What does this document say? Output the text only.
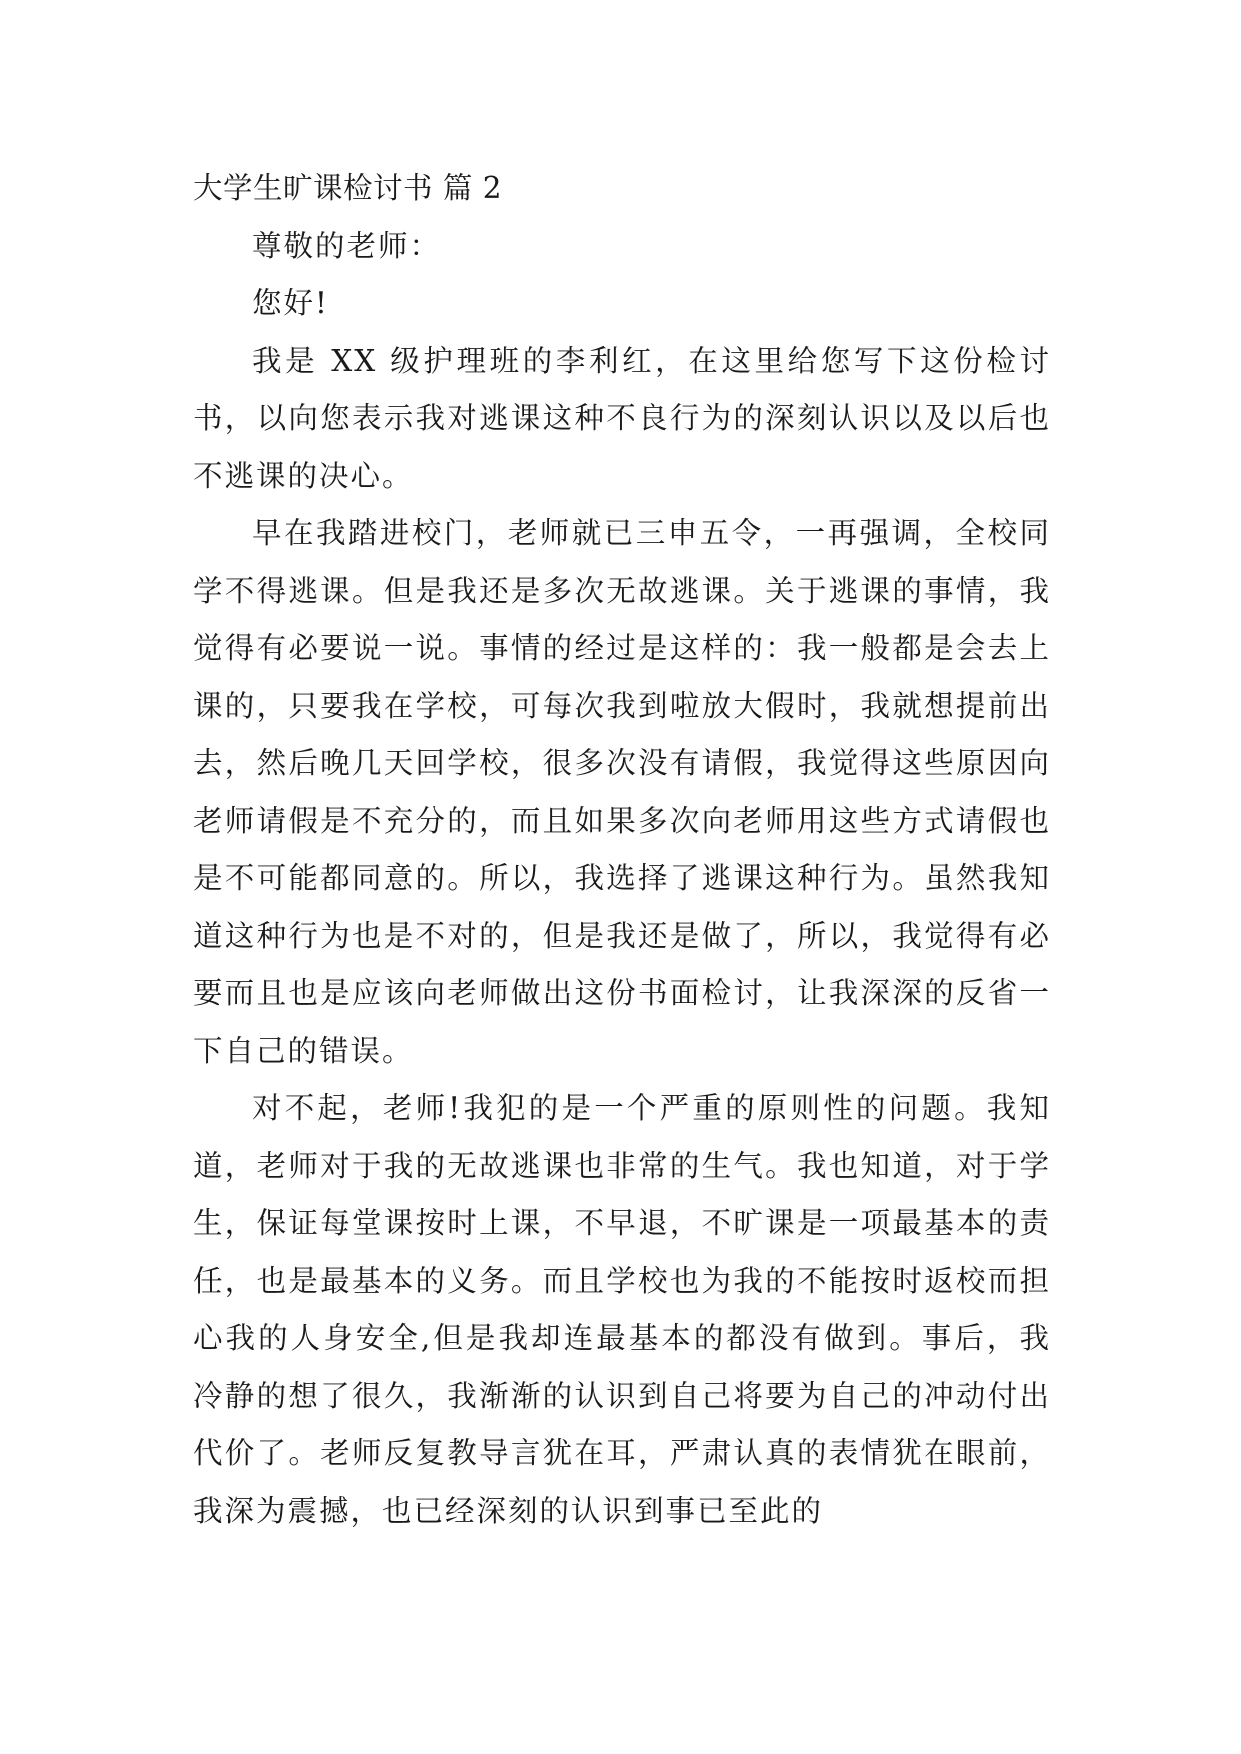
大学生旷课检讨书 篇 2

尊敬的老师：

您好!

我是 XX 级护理班的李利红，在这里给您写下这份检讨书，以向您表示我对逃课这种不良行为的深刻认识以及以后也不逃课的决心。

早在我踏进校门，老师就已三申五令，一再强调，全校同学不得逃课。但是我还是多次无故逃课。关于逃课的事情，我觉得有必要说一说。事情的经过是这样的：我一般都是会去上课的，只要我在学校，可每次我到啦放大假时，我就想提前出去，然后晚几天回学校，很多次没有请假，我觉得这些原因向老师请假是不充分的，而且如果多次向老师用这些方式请假也是不可能都同意的。所以，我选择了逃课这种行为。虽然我知道这种行为也是不对的，但是我还是做了，所以，我觉得有必要而且也是应该向老师做出这份书面检讨，让我深深的反省一下自己的错误。

对不起，老师!我犯的是一个严重的原则性的问题。我知道，老师对于我的无故逃课也非常的生气。我也知道，对于学生，保证每堂课按时上课，不早退，不旷课是一项最基本的责任，也是最基本的义务。而且学校也为我的不能按时返校而担心我的人身安全,但是我却连最基本的都没有做到。事后，我冷静的想了很久，我渐渐的认识到自己将要为自己的冲动付出代价了。老师反复教导言犹在耳，严肃认真的表情犹在眼前，我深为震撼，也已经深刻的认识到事已至此的
